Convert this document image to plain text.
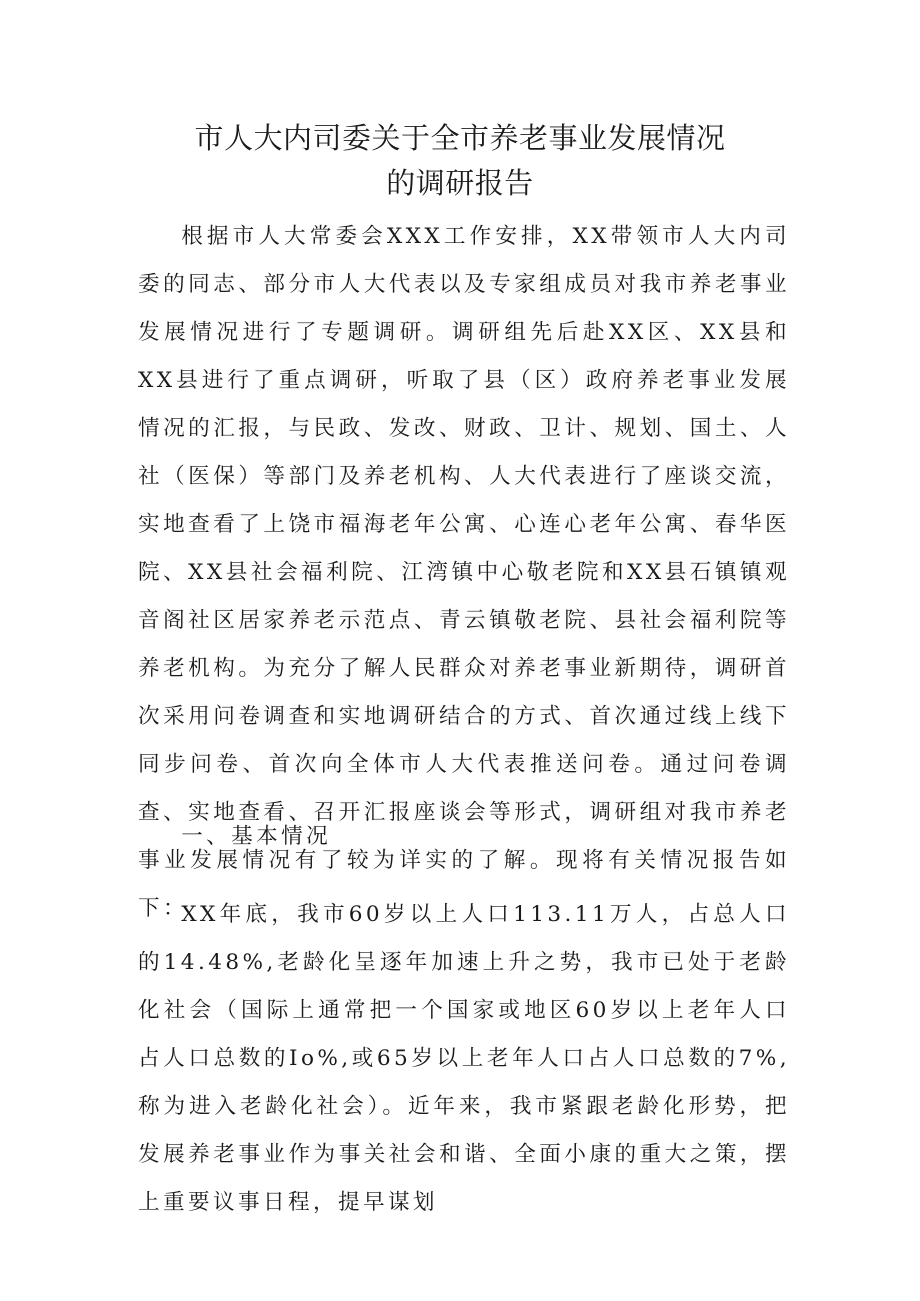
市人大内司委关于全市养老事业发展情况
的调研报告

根据市人大常委会XXX工作安排，XX带领市人大内司委的同志、部分市人大代表以及专家组成员对我市养老事业发展情况进行了专题调研。调研组先后赴XX区、XX县和XX县进行了重点调研，听取了县（区）政府养老事业发展情况的汇报，与民政、发改、财政、卫计、规划、国土、人社（医保）等部门及养老机构、人大代表进行了座谈交流，实地查看了上饶市福海老年公寓、心连心老年公寓、春华医院、XX县社会福利院、江湾镇中心敬老院和XX县石镇镇观音阁社区居家养老示范点、青云镇敬老院、县社会福利院等养老机构。为充分了解人民群众对养老事业新期待，调研首次采用问卷调查和实地调研结合的方式、首次通过线上线下同步问卷、首次向全体市人大代表推送问卷。通过问卷调查、实地查看、召开汇报座谈会等形式，调研组对我市养老事业发展情况有了较为详实的了解。现将有关情况报告如下：

一、基本情况

XX年底，我市60岁以上人口113.11万人，占总人口的14.48%,老龄化呈逐年加速上升之势，我市已处于老龄化社会（国际上通常把一个国家或地区60岁以上老年人口占人口总数的Io%,或65岁以上老年人口占人口总数的7%,称为进入老龄化社会）。近年来，我市紧跟老龄化形势，把发展养老事业作为事关社会和谐、全面小康的重大之策，摆上重要议事日程，提早谋划
